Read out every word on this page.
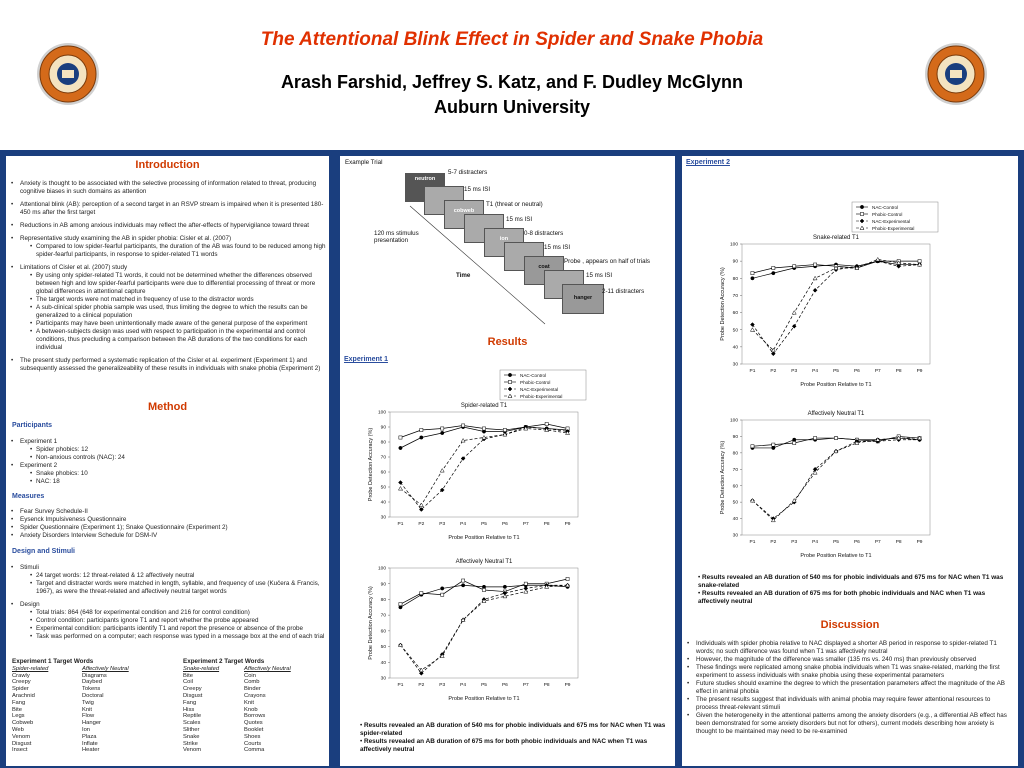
The Attentional Blink Effect in Spider and Snake Phobia
Arash Farshid, Jeffrey S. Katz, and F. Dudley McGlynn
Auburn University
Introduction
• Anxiety is thought to be associated with the selective processing of information related to threat, producing cognitive biases in such domains as attention
• Attentional blink (AB): perception of a second target in an RSVP stream is impaired when it is presented 180-450 ms after the first target
• Reductions in AB among anxious individuals may reflect the after-effects of hypervigilance toward threat
• Representative study examining the AB in spider phobia: Cisler et al. (2007)
• Compared to low spider-fearful participants, the duration of the AB was found to be reduced among high spider-fearful participants, in response to spider-related T1 words
• Limitations of Cisler et al. (2007) study
• By using only spider-related T1 words, it could not be determined whether the differences observed between high and low spider-fearful participants were due to differential processing of threat or more global differences in attentional capture
• The target words were not matched in frequency of use to the distractor words
• A sub-clinical spider phobia sample was used, thus limiting the degree to which the results can be generalized to a clinical population
• Participants may have been unintentionally made aware of the general purpose of the experiment
• A between-subjects design was used with respect to participation in the experimental and control conditions, thus precluding a comparison between the AB durations of the two conditions for each individual
• The present study performed a systematic replication of the Cisler et al. experiment (Experiment 1) and subsequently assessed the generalizeability of these results in individuals with snake phobia (Experiment 2)
Method
Participants
• Experiment 1
• Spider phobics: 12
• Non-anxious controls (NAC): 24
• Experiment 2
• Snake phobics: 10
• NAC: 18
Measures
• Fear Survey Schedule-II
• Eysenck Impulsiveness Questionnaire
• Spider Questionnaire (Experiment 1); Snake Questionnaire (Experiment 2)
• Anxiety Disorders Interview Schedule for DSM-IV
Design and Stimuli
• Stimuli
• 24 target words: 12 threat-related & 12 affectively neutral
• Target and distracter words were matched in length, syllable, and frequency of use (Kučera & Francis, 1967), as were the threat-related and affectively neutral target words
• Design
• Total trials: 864 (648 for experimental condition and 216 for control condition)
• Control condition: participants ignore T1 and report whether the probe appeared
• Experimental condition: participants identify T1 and report the presence or absence of the probe
• Task was performed on a computer; each response was typed in a message box at the end of each trial
Experiment 1 Target Words	
Spider-related	Affectively Neutral
Crawly	Diagrams
Creepy	Daybed
Spider	Tokens
Arachnid	Doctoral
Fang	Twig
Bite	Knit
Legs	Flow
Cobweb	Hanger
Web	Ion
Venom	Plaza
Disgust	Inflate
Insect	Heater
Experiment 2 Target Words	
Snake-related	Affectively Neutral
Bite	Coin
Coil	Comb
Creepy	Binder
Disgust	Crayons
Fang	Knit
Hiss	Knob
Reptile	Borrows
Scales	Quotes
Slither	Booklet
Snake	Shoes
Strike	Courts
Venom	Comma
Example Trial
neutron
cobweb
ion
coat
hanger
5-7 distracters
15 ms ISI
T1 (threat or neutral)
15 ms ISI
0-8 distracters
15 ms ISI
Probe , appears on half of trials
15 ms ISI
2-11 distracters
120 ms stimulus presentation
Time
Results
Experiment 1
NAC-Control
Phobic-Control
NAC-Experimental
Phobic-Experimental
Spider-related T1
30
40
50
60
70
80
90
100
P1	P2	P3	P4	P5	P6	P7	P8	P9
Probe Position Relative to T1
Probe Detection Accuracy (%)
Affectively Neutral T1
30
40
50
60
70
80
90
100
P1	P2	P3	P4	P5	P6	P7	P8	P9
Probe Position Relative to T1
Probe Detection Accuracy (%)
• Results revealed an AB duration of 540 ms for phobic individuals and 675 ms for NAC when T1 was spider-related
• Results revealed an AB duration of 675 ms for both phobic individuals and NAC when T1 was affectively neutral
Experiment 2
NAC-Control
Phobic-Control
NAC-Experimental
Phobic-Experimental
Snake-related T1
30
40
50
60
70
80
90
100
P1	P2	P3	P4	P5	P6	P7	P8	P9
Probe Position Relative to T1
Probe Detection Accuracy (%)
Affectively Neutral T1
30
40
50
60
70
80
90
100
P1	P2	P3	P4	P5	P6	P7	P8	P9
Probe Position Relative to T1
Probe Detection Accuracy (%)
• Results revealed an AB duration of 540 ms for phobic individuals and 675 ms for NAC when T1 was snake-related
• Results revealed an AB duration of 675 ms for both phobic individuals and NAC when T1 was affectively neutral
Discussion
• Individuals with spider phobia relative to NAC displayed a shorter AB period in response to spider-related T1 words; no such difference was found when T1 was affectively neutral
• However, the magnitude of the difference was smaller (135 ms vs. 240 ms) than previously observed
• These findings were replicated among snake phobia individuals when T1 was snake-related, marking the first experiment to assess individuals with snake phobia using these experimental parameters
• Future studies should examine the degree to which the presentation parameters affect the magnitude of the AB effect in animal phobia
• The present results suggest that individuals with animal phobia may require fewer attentional resources to process threat-relevant stimuli
• Given the heterogeneity in the attentional patterns among the anxiety disorders (e.g., a differential AB effect has been demonstrated for some anxiety disorders but not for others), current models describing how anxiety is thought to be maintained may need to be re-examined
